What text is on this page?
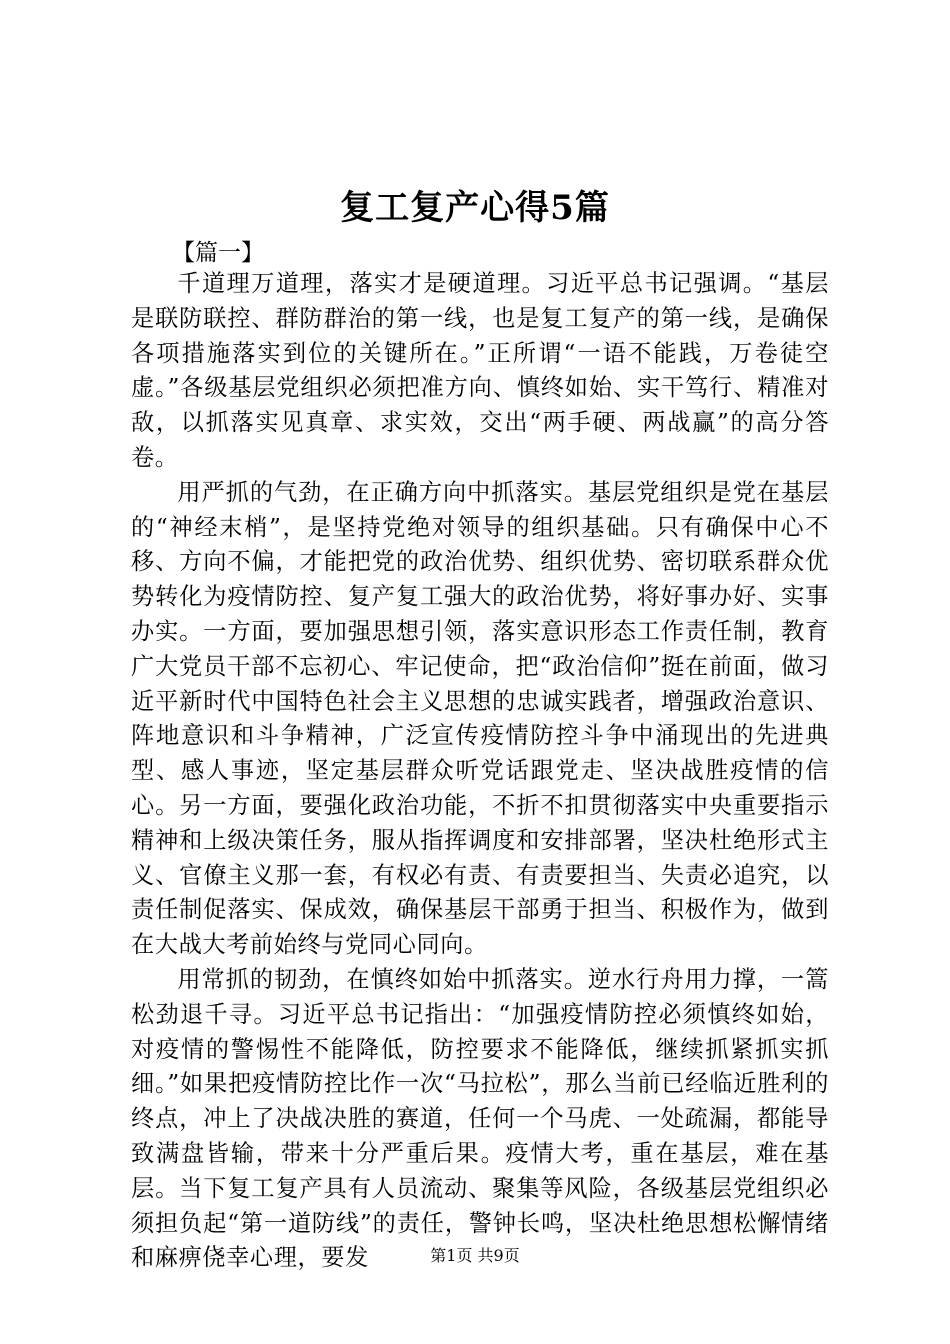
复工复产心得5篇
【篇一】

千道理万道理，落实才是硬道理。习近平总书记强调。“基层是联防联控、群防群治的第一线，也是复工复产的第一线，是确保各项措施落实到位的关键所在。”正所谓“一语不能践，万卷徒空虚。”各级基层党组织必须把准方向、慎终如始、实干笃行、精准对敌，以抓落实见真章、求实效，交出“两手硬、两战赢”的高分答卷。

用严抓的气劲，在正确方向中抓落实。基层党组织是党在基层的“神经末梢”，是坚持党绝对领导的组织基础。只有确保中心不移、方向不偏，才能把党的政治优势、组织优势、密切联系群众优势转化为疫情防控、复产复工强大的政治优势，将好事办好、实事办实。一方面，要加强思想引领，落实意识形态工作责任制，教育广大党员干部不忘初心、牢记使命，把“政治信仰”挺在前面，做习近平新时代中国特色社会主义思想的忠诚实践者，增强政治意识、阵地意识和斗争精神，广泛宣传疫情防控斗争中涌现出的先进典型、感人事迹，坚定基层群众听党话跟党走、坚决战胜疫情的信心。另一方面，要强化政治功能，不折不扣贯彻落实中央重要指示精神和上级决策任务，服从指挥调度和安排部署，坚决杜绝形式主义、官僚主义那一套，有权必有责、有责要担当、失责必追究，以责任制促落实、保成效，确保基层干部勇于担当、积极作为，做到在大战大考前始终与党同心同向。

用常抓的韧劲，在慎终如始中抓落实。逆水行舟用力撑，一篙松劲退千寻。习近平总书记指出：“加强疫情防控必须慎终如始，对疫情的警惕性不能降低，防控要求不能降低，继续抓紧抓实抓细。”如果把疫情防控比作一次“马拉松”，那么当前已经临近胜利的终点，冲上了决战决胜的赛道，任何一个马虎、一处疏漏，都能导致满盘皆输，带来十分严重后果。疫情大考，重在基层，难在基层。当下复工复产具有人员流动、聚集等风险，各级基层党组织必须担负起“第一道防线”的责任，警钟长鸣，坚决杜绝思想松懈情绪和麻痹侥幸心理，要发	第1页 共9页
